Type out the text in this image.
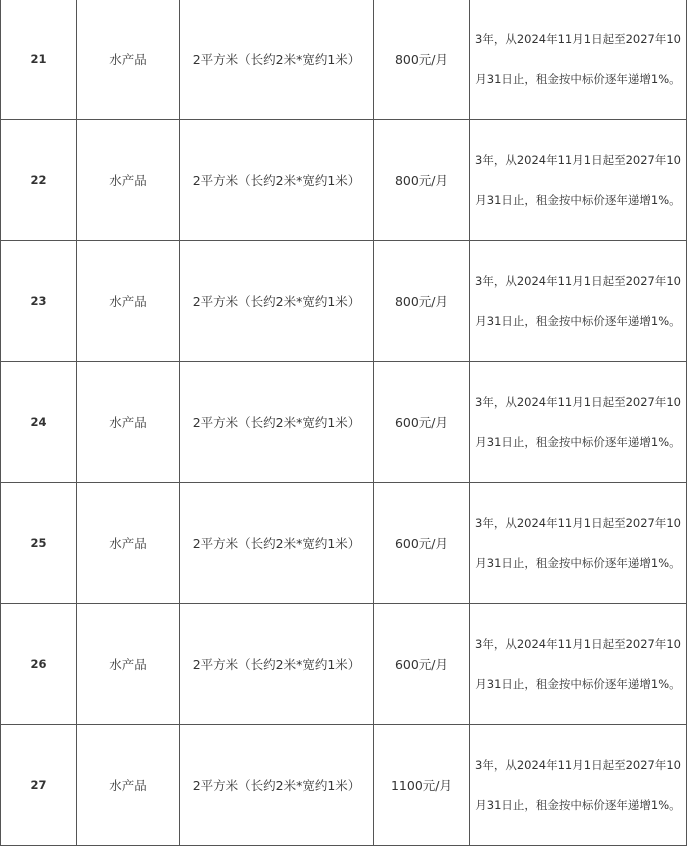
21	水产品	2平方米（长约2米*宽约1米）	800元/月	3年，从2024年11月1日起至2027年10月31日止，租金按中标价逐年递增1%。
22	水产品	2平方米（长约2米*宽约1米）	800元/月	3年，从2024年11月1日起至2027年10月31日止，租金按中标价逐年递增1%。
23	水产品	2平方米（长约2米*宽约1米）	800元/月	3年，从2024年11月1日起至2027年10月31日止，租金按中标价逐年递增1%。
24	水产品	2平方米（长约2米*宽约1米）	600元/月	3年，从2024年11月1日起至2027年10月31日止，租金按中标价逐年递增1%。
25	水产品	2平方米（长约2米*宽约1米）	600元/月	3年，从2024年11月1日起至2027年10月31日止，租金按中标价逐年递增1%。
26	水产品	2平方米（长约2米*宽约1米）	600元/月	3年，从2024年11月1日起至2027年10月31日止，租金按中标价逐年递增1%。
27	水产品	2平方米（长约2米*宽约1米）	1100元/月	3年，从2024年11月1日起至2027年10月31日止，租金按中标价逐年递增1%。
